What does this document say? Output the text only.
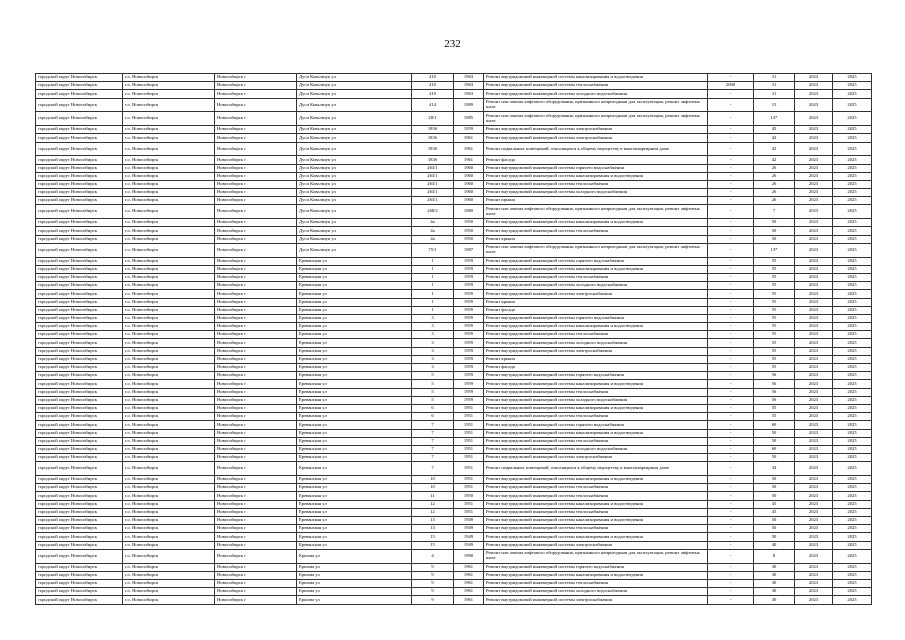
232
городской округ Новосибирск	г.о. Новосибирск	Новосибирск г	Дуси Ковальчук ул	410	1963	Ремонт внутридомовой инженерной системы канализирования и водоотведения	-	31	2023	2025
городской округ Новосибирск	г.о. Новосибирск	Новосибирск г	Дуси Ковальчук ул	410	1963	Ремонт внутридомовой инженерной системы теплоснабжения	2008	31	2023	2025
городской округ Новосибирск	г.о. Новосибирск	Новосибирск г	Дуси Ковальчук ул	410	1963	Ремонт внутридомовой инженерной системы холодного водоснабжения	-	31	2023	2025
городской округ Новосибирск	г.о. Новосибирск	Новосибирск г	Дуси Ковальчук ул	414	1989	Ремонт или замена лифтового оборудования, признанного непригодным для эксплуатации, ремонт лифтовых шахт	-	15	2023	2025
городской округ Новосибирск	г.о. Новосибирск	Новосибирск г	Дуси Ковальчук ул	28/1	1985	Ремонт или замена лифтового оборудования, признанного непригодным для эксплуатации, ремонт лифтовых шахт	-	14*	2023	2025
городской округ Новосибирск	г.о. Новосибирск	Новосибирск г	Дуси Ковальчук ул	183б	1959	Ремонт внутридомовой инженерной системы электроснабжения	-	45	2023	2025
городской округ Новосибирск	г.о. Новосибирск	Новосибирск г	Дуси Ковальчук ул	183б	1961	Ремонт внутридомовой инженерной системы электроснабжения	-	42	2023	2025
городской округ Новосибирск	г.о. Новосибирск	Новосибирск г	Дуси Ковальчук ул	183б	1961	Ремонт подвальных помещений, относящихся к общему имуществу в многоквартирном доме	-	42	2023	2025
городской округ Новосибирск	г.о. Новосибирск	Новосибирск г	Дуси Ковальчук ул	183б	1961	Ремонт фасада	-	42	2023	2025
городской округ Новосибирск	г.о. Новосибирск	Новосибирск г	Дуси Ковальчук ул	263/1	1960	Ремонт внутридомовой инженерной системы горячего водоснабжения	-	26	2023	2025
городской округ Новосибирск	г.о. Новосибирск	Новосибирск г	Дуси Ковальчук ул	263/1	1960	Ремонт внутридомовой инженерной системы канализирования и водоотведения	-	26	2023	2025
городской округ Новосибирск	г.о. Новосибирск	Новосибирск г	Дуси Ковальчук ул	263/1	1960	Ремонт внутридомовой инженерной системы теплоснабжения	-	26	2023	2025
городской округ Новосибирск	г.о. Новосибирск	Новосибирск г	Дуси Ковальчук ул	263/1	1960	Ремонт внутридомовой инженерной системы холодного водоснабжения	-	26	2023	2025
городской округ Новосибирск	г.о. Новосибирск	Новосибирск г	Дуси Ковальчук ул	263/1	1960	Ремонт крыши	-	26	2023	2025
городской округ Новосибирск	г.о. Новосибирск	Новосибирск г	Дуси Ковальчук ул	268/2	1980	Ремонт или замена лифтового оборудования, признанного непригодным для эксплуатации, ремонт лифтовых шахт	-	7	2023	2025
городской округ Новосибирск	г.о. Новосибирск	Новосибирск г	Дуси Ковальчук ул	4а	1950	Ремонт внутридомовой инженерной системы канализирования и водоотведения	-	50	2023	2025
городской округ Новосибирск	г.о. Новосибирск	Новосибирск г	Дуси Ковальчук ул	4а	1950	Ремонт внутридомовой инженерной системы теплоснабжения	-	50	2023	2025
городской округ Новосибирск	г.о. Новосибирск	Новосибирск г	Дуси Ковальчук ул	4а	1950	Ремонт крыши	-	50	2023	2025
городской округ Новосибирск	г.о. Новосибирск	Новосибирск г	Дуси Ковальчук ул	75/1	1987	Ремонт или замена лифтового оборудования, признанного непригодным для эксплуатации, ремонт лифтовых шахт	-	13*	2023	2025
городской округ Новосибирск	г.о. Новосибирск	Новосибирск г	Ереванская ул	1	1959	Ремонт внутридомовой инженерной системы горячего водоснабжения	-	55	2023	2025
городской округ Новосибирск	г.о. Новосибирск	Новосибирск г	Ереванская ул	1	1959	Ремонт внутридомовой инженерной системы канализирования и водоотведения	-	55	2023	2025
городской округ Новосибирск	г.о. Новосибирск	Новосибирск г	Ереванская ул	1	1959	Ремонт внутридомовой инженерной системы теплоснабжения	-	55	2023	2025
городской округ Новосибирск	г.о. Новосибирск	Новосибирск г	Ереванская ул	1	1959	Ремонт внутридомовой инженерной системы холодного водоснабжения	-	55	2023	2025
городской округ Новосибирск	г.о. Новосибирск	Новосибирск г	Ереванская ул	1	1959	Ремонт внутридомовой инженерной системы электроснабжения	-	55	2023	2025
городской округ Новосибирск	г.о. Новосибирск	Новосибирск г	Ереванская ул	1	1959	Ремонт крыши	-	55	2023	2025
городской округ Новосибирск	г.о. Новосибирск	Новосибирск г	Ереванская ул	1	1959	Ремонт фасада	-	55	2023	2025
городской округ Новосибирск	г.о. Новосибирск	Новосибирск г	Ереванская ул	3	1959	Ремонт внутридомовой инженерной системы горячего водоснабжения	-	55	2023	2025
городской округ Новосибирск	г.о. Новосибирск	Новосибирск г	Ереванская ул	3	1959	Ремонт внутридомовой инженерной системы канализирования и водоотведения	-	55	2023	2025
городской округ Новосибирск	г.о. Новосибирск	Новосибирск г	Ереванская ул	3	1959	Ремонт внутридомовой инженерной системы теплоснабжения	-	55	2023	2025
городской округ Новосибирск	г.о. Новосибирск	Новосибирск г	Ереванская ул	3	1959	Ремонт внутридомовой инженерной системы холодного водоснабжения	-	55	2023	2025
городской округ Новосибирск	г.о. Новосибирск	Новосибирск г	Ереванская ул	3	1959	Ремонт внутридомовой инженерной системы электроснабжения	-	55	2023	2025
городской округ Новосибирск	г.о. Новосибирск	Новосибирск г	Ереванская ул	3	1959	Ремонт крыши	-	55	2023	2025
городской округ Новосибирск	г.о. Новосибирск	Новосибирск г	Ереванская ул	3	1959	Ремонт фасада	-	55	2023	2025
городской округ Новосибирск	г.о. Новосибирск	Новосибирск г	Ереванская ул	5	1959	Ремонт внутридомовой инженерной системы горячего водоснабжения	-	56	2023	2025
городской округ Новосибирск	г.о. Новосибирск	Новосибирск г	Ереванская ул	5	1959	Ремонт внутридомовой инженерной системы канализирования и водоотведения	-	56	2023	2025
городской округ Новосибирск	г.о. Новосибирск	Новосибирск г	Ереванская ул	5	1959	Ремонт внутридомовой инженерной системы теплоснабжения	-	56	2023	2025
городской округ Новосибирск	г.о. Новосибирск	Новосибирск г	Ереванская ул	5	1959	Ремонт внутридомовой инженерной системы холодного водоснабжения	-	56	2023	2025
городской округ Новосибирск	г.о. Новосибирск	Новосибирск г	Ереванская ул	6	1951	Ремонт внутридомовой инженерной системы канализирования и водоотведения	-	55	2023	2025
городской округ Новосибирск	г.о. Новосибирск	Новосибирск г	Ереванская ул	6	1951	Ремонт внутридомовой инженерной системы теплоснабжения	-	55	2023	2025
городской округ Новосибирск	г.о. Новосибирск	Новосибирск г	Ереванская ул	7	1951	Ремонт внутридомовой инженерной системы горячего водоснабжения	-	60	2023	2025
городской округ Новосибирск	г.о. Новосибирск	Новосибирск г	Ереванская ул	7	1951	Ремонт внутридомовой инженерной системы канализирования и водоотведения	-	50	2023	2025
городской округ Новосибирск	г.о. Новосибирск	Новосибирск г	Ереванская ул	7	1951	Ремонт внутридомовой инженерной системы теплоснабжения	-	50	2023	2025
городской округ Новосибирск	г.о. Новосибирск	Новосибирск г	Ереванская ул	7	1951	Ремонт внутридомовой инженерной системы холодного водоснабжения	-	60	2023	2025
городской округ Новосибирск	г.о. Новосибирск	Новосибирск г	Ереванская ул	7	1951	Ремонт внутридомовой инженерной системы электроснабжения	-	50	2023	2025
городской округ Новосибирск	г.о. Новосибирск	Новосибирск г	Ереванская ул	7	1951	Ремонт подвальных помещений, относящихся к общему имуществу в многоквартирном доме	-	34	2023	2025
городской округ Новосибирск	г.о. Новосибирск	Новосибирск г	Ереванская ул	10	1951	Ремонт внутридомовой инженерной системы канализирования и водоотведения	-	50	2023	2025
городской округ Новосибирск	г.о. Новосибирск	Новосибирск г	Ереванская ул	10	1951	Ремонт внутридомовой инженерной системы теплоснабжения	-	50	2023	2025
городской округ Новосибирск	г.о. Новосибирск	Новосибирск г	Ереванская ул	11	1950	Ремонт внутридомовой инженерной системы теплоснабжения	-	50	2023	2025
городской округ Новосибирск	г.о. Новосибирск	Новосибирск г	Ереванская ул	12	1951	Ремонт внутридомовой инженерной системы канализирования и водоотведения	-	45	2023	2025
городской округ Новосибирск	г.о. Новосибирск	Новосибирск г	Ереванская ул	12	1951	Ремонт внутридомовой инженерной системы теплоснабжения	-	45	2023	2025
городской округ Новосибирск	г.о. Новосибирск	Новосибирск г	Ереванская ул	13	1949	Ремонт внутридомовой инженерной системы канализирования и водоотведения	-	50	2023	2025
городской округ Новосибирск	г.о. Новосибирск	Новосибирск г	Ереванская ул	13	1949	Ремонт внутридомовой инженерной системы теплоснабжения	-	50	2023	2025
городской округ Новосибирск	г.о. Новосибирск	Новосибирск г	Ереванская ул	15	1949	Ремонт внутридомовой инженерной системы канализирования и водоотведения	-	50	2023	2025
городской округ Новосибирск	г.о. Новосибирск	Новосибирск г	Ереванская ул	15	1949	Ремонт внутридомовой инженерной системы электроснабжения	-	40	2023	2025
городской округ Новосибирск	г.о. Новосибирск	Новосибирск г	Ершова ул	4	1990	Ремонт или замена лифтового оборудования, признанного непригодным для эксплуатации, ремонт лифтовых шахт	-	8	2023	2025
городской округ Новосибирск	г.о. Новосибирск	Новосибирск г	Ершова ул	9	1961	Ремонт внутридомовой инженерной системы горячего водоснабжения	-	30	2023	2025
городской округ Новосибирск	г.о. Новосибирск	Новосибирск г	Ершова ул	9	1961	Ремонт внутридомовой инженерной системы канализирования и водоотведения	-	30	2023	2025
городской округ Новосибирск	г.о. Новосибирск	Новосибирск г	Ершова ул	9	1961	Ремонт внутридомовой инженерной системы теплоснабжения	-	30	2023	2025
городской округ Новосибирск	г.о. Новосибирск	Новосибирск г	Ершова ул	9	1961	Ремонт внутридомовой инженерной системы холодного водоснабжения	-	30	2023	2025
городской округ Новосибирск	г.о. Новосибирск	Новосибирск г	Ершова ул	9	1961	Ремонт внутридомовой инженерной системы электроснабжения	-	30	2023	2025
